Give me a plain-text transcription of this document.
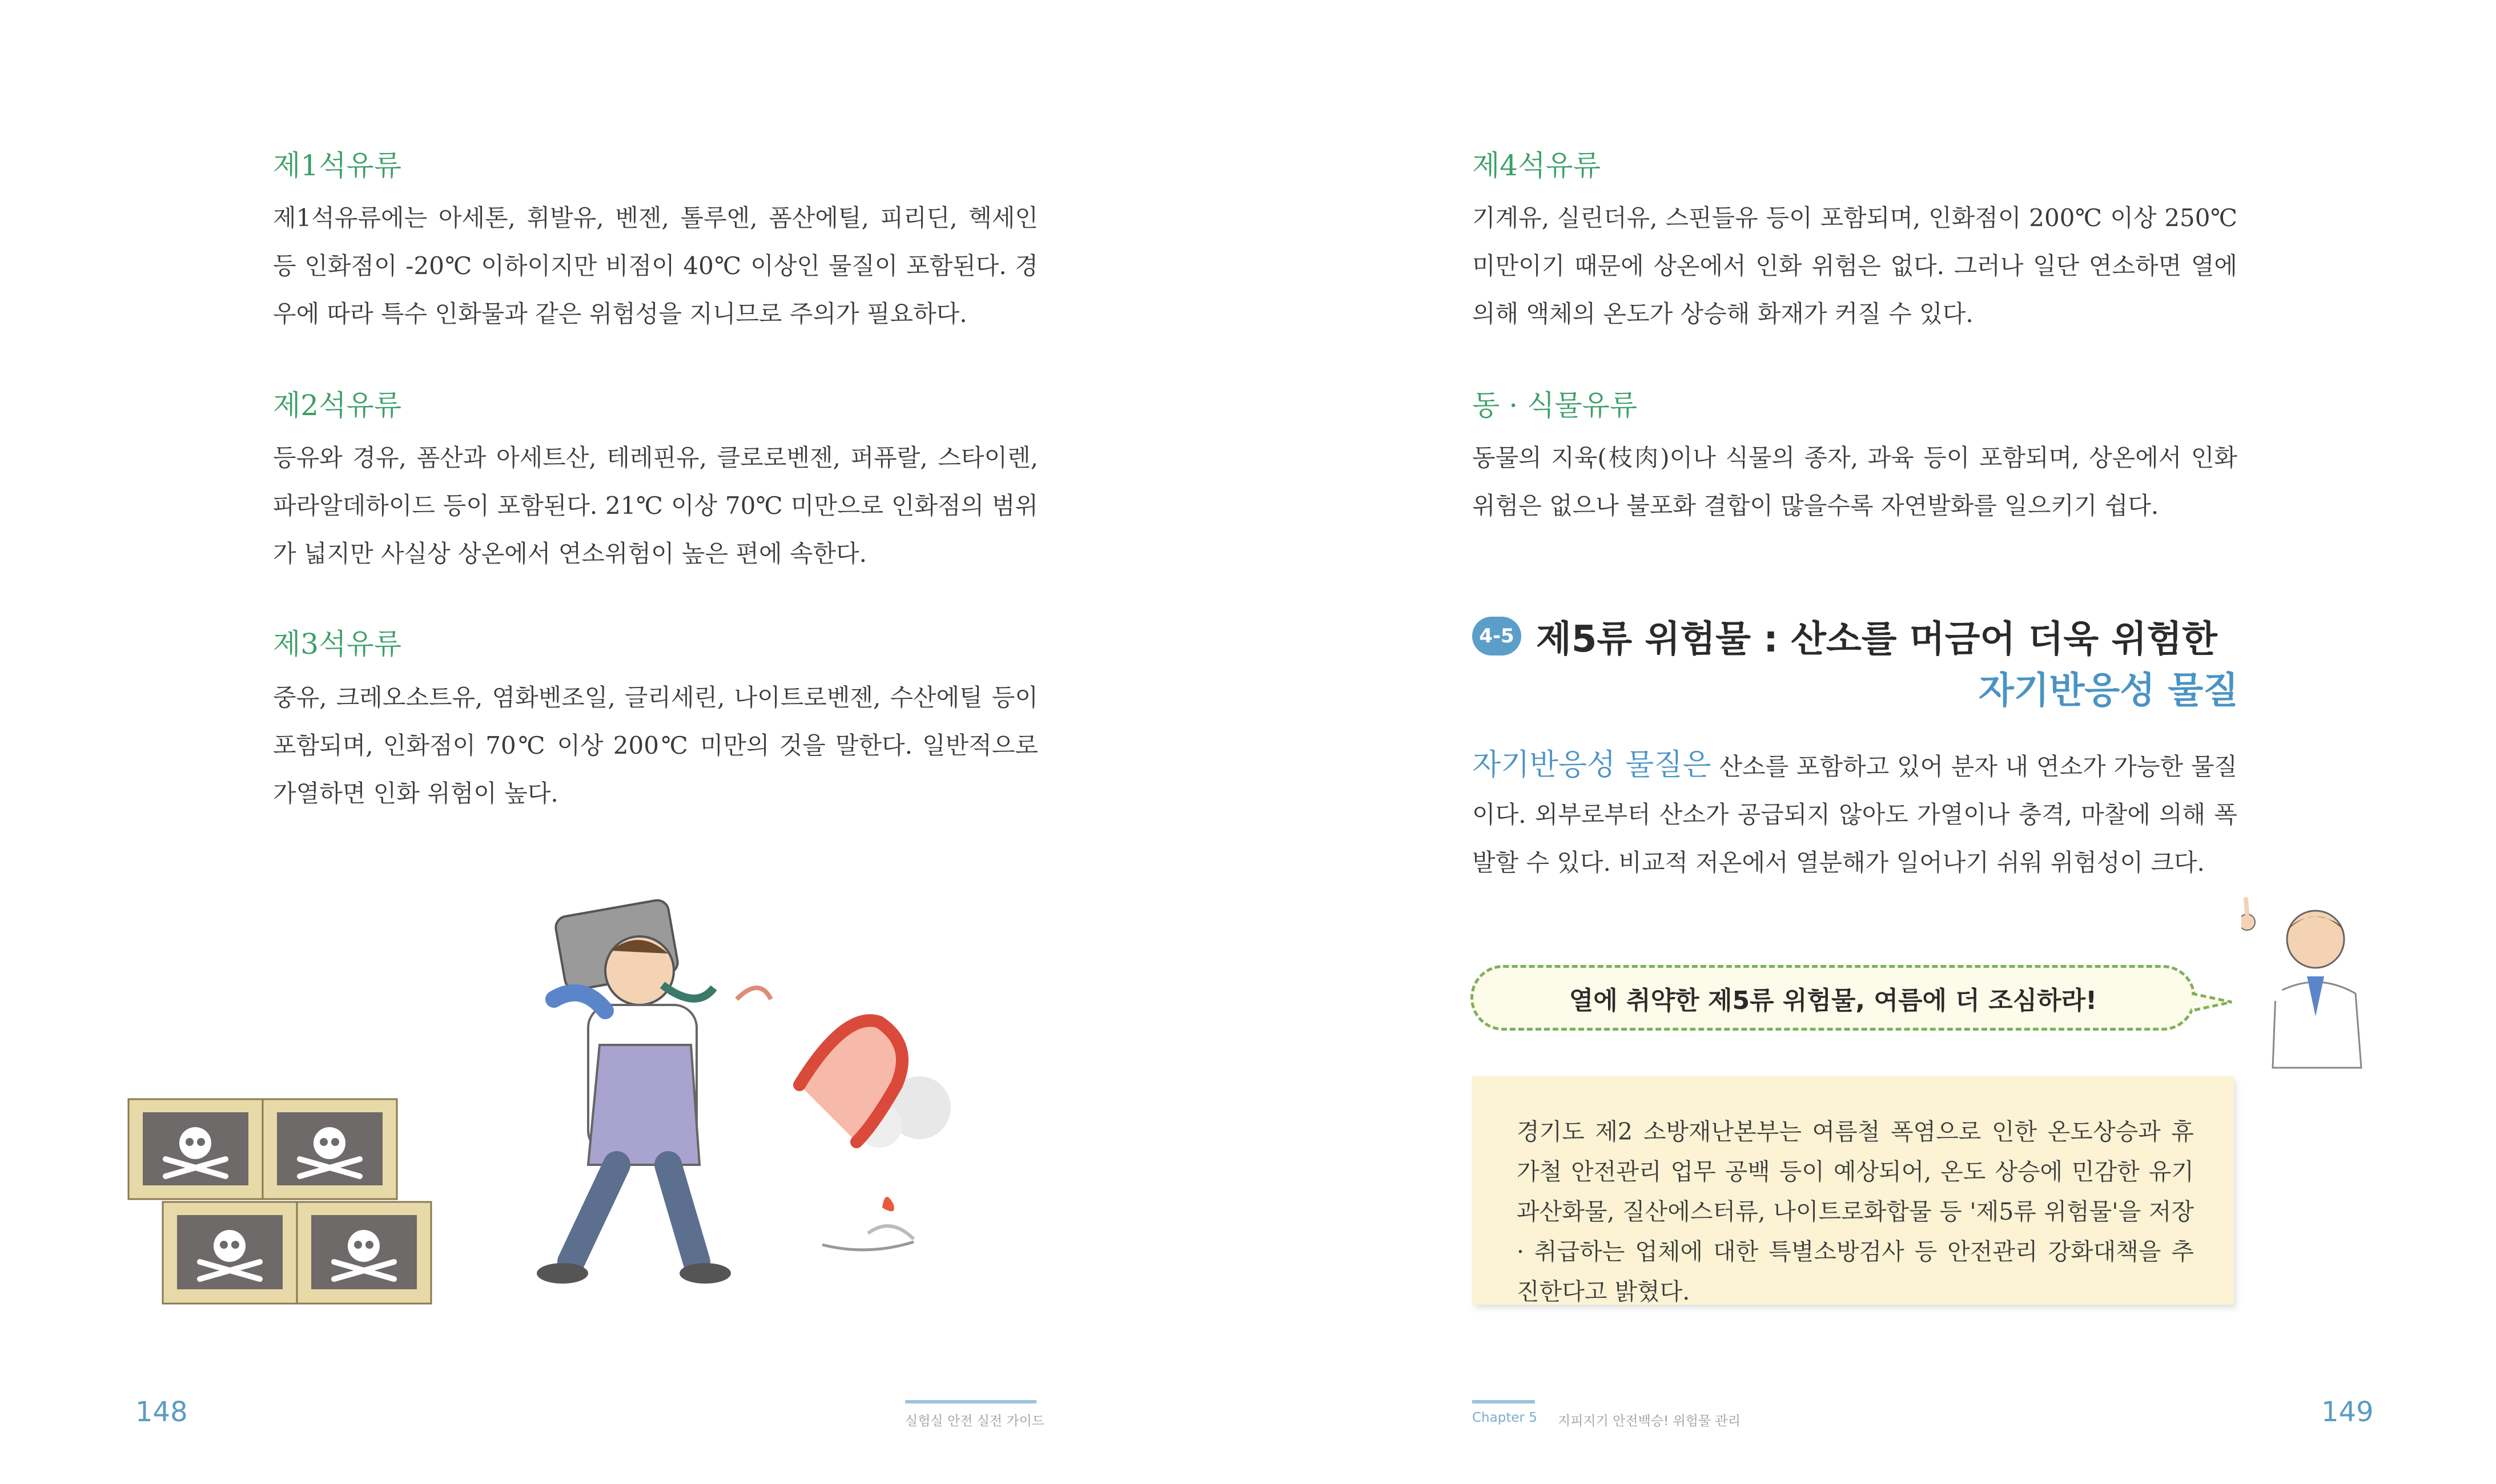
제1석유류

제1석유류에는 아세톤, 휘발유, 벤젠, 톨루엔, 폼산에틸, 피리딘, 헥세인 등 인화점이 -20℃ 이하이지만 비점이 40℃ 이상인 물질이 포함된다. 경우에 따라 특수 인화물과 같은 위험성을 지니므로 주의가 필요하다.

제2석유류

등유와 경유, 폼산과 아세트산, 테레핀유, 클로로벤젠, 퍼퓨랄, 스타이렌, 파라알데하이드 등이 포함된다. 21℃ 이상 70℃ 미만으로 인화점의 범위가 넓지만 사실상 상온에서 연소위험이 높은 편에 속한다.

제3석유류

중유, 크레오소트유, 염화벤조일, 글리세린, 나이트로벤젠, 수산에틸 등이 포함되며, 인화점이 70℃ 이상 200℃ 미만의 것을 말한다. 일반적으로 가열하면 인화 위험이 높다.

148	실험실 안전 실전 가이드
제4석유류

기계유, 실린더유, 스핀들유 등이 포함되며, 인화점이 200℃ 이상 250℃ 미만이기 때문에 상온에서 인화 위험은 없다. 그러나 일단 연소하면 열에 의해 액체의 온도가 상승해 화재가 커질 수 있다.

동 · 식물유류

동물의 지육(枝肉)이나 식물의 종자, 과육 등이 포함되며, 상온에서 인화 위험은 없으나 불포화 결합이 많을수록 자연발화를 일으키기 쉽다.

4-5 제5류 위험물 : 산소를 머금어 더욱 위험한
자기반응성 물질

자기반응성 물질은 산소를 포함하고 있어 분자 내 연소가 가능한 물질이다. 외부로부터 산소가 공급되지 않아도 가열이나 충격, 마찰에 의해 폭발할 수 있다. 비교적 저온에서 열분해가 일어나기 쉬워 위험성이 크다.

열에 취약한 제5류 위험물, 여름에 더 조심하라!

경기도 제2 소방재난본부는 여름철 폭염으로 인한 온도상승과 휴가철 안전관리 업무 공백 등이 예상되어, 온도 상승에 민감한 유기과산화물, 질산에스터류, 나이트로화합물 등 '제5류 위험물'을 저장 · 취급하는 업체에 대한 특별소방검사 등 안전관리 강화대책을 추진한다고 밝혔다.

Chapter 5 지피지기 안전백승! 위험물 관리	149
